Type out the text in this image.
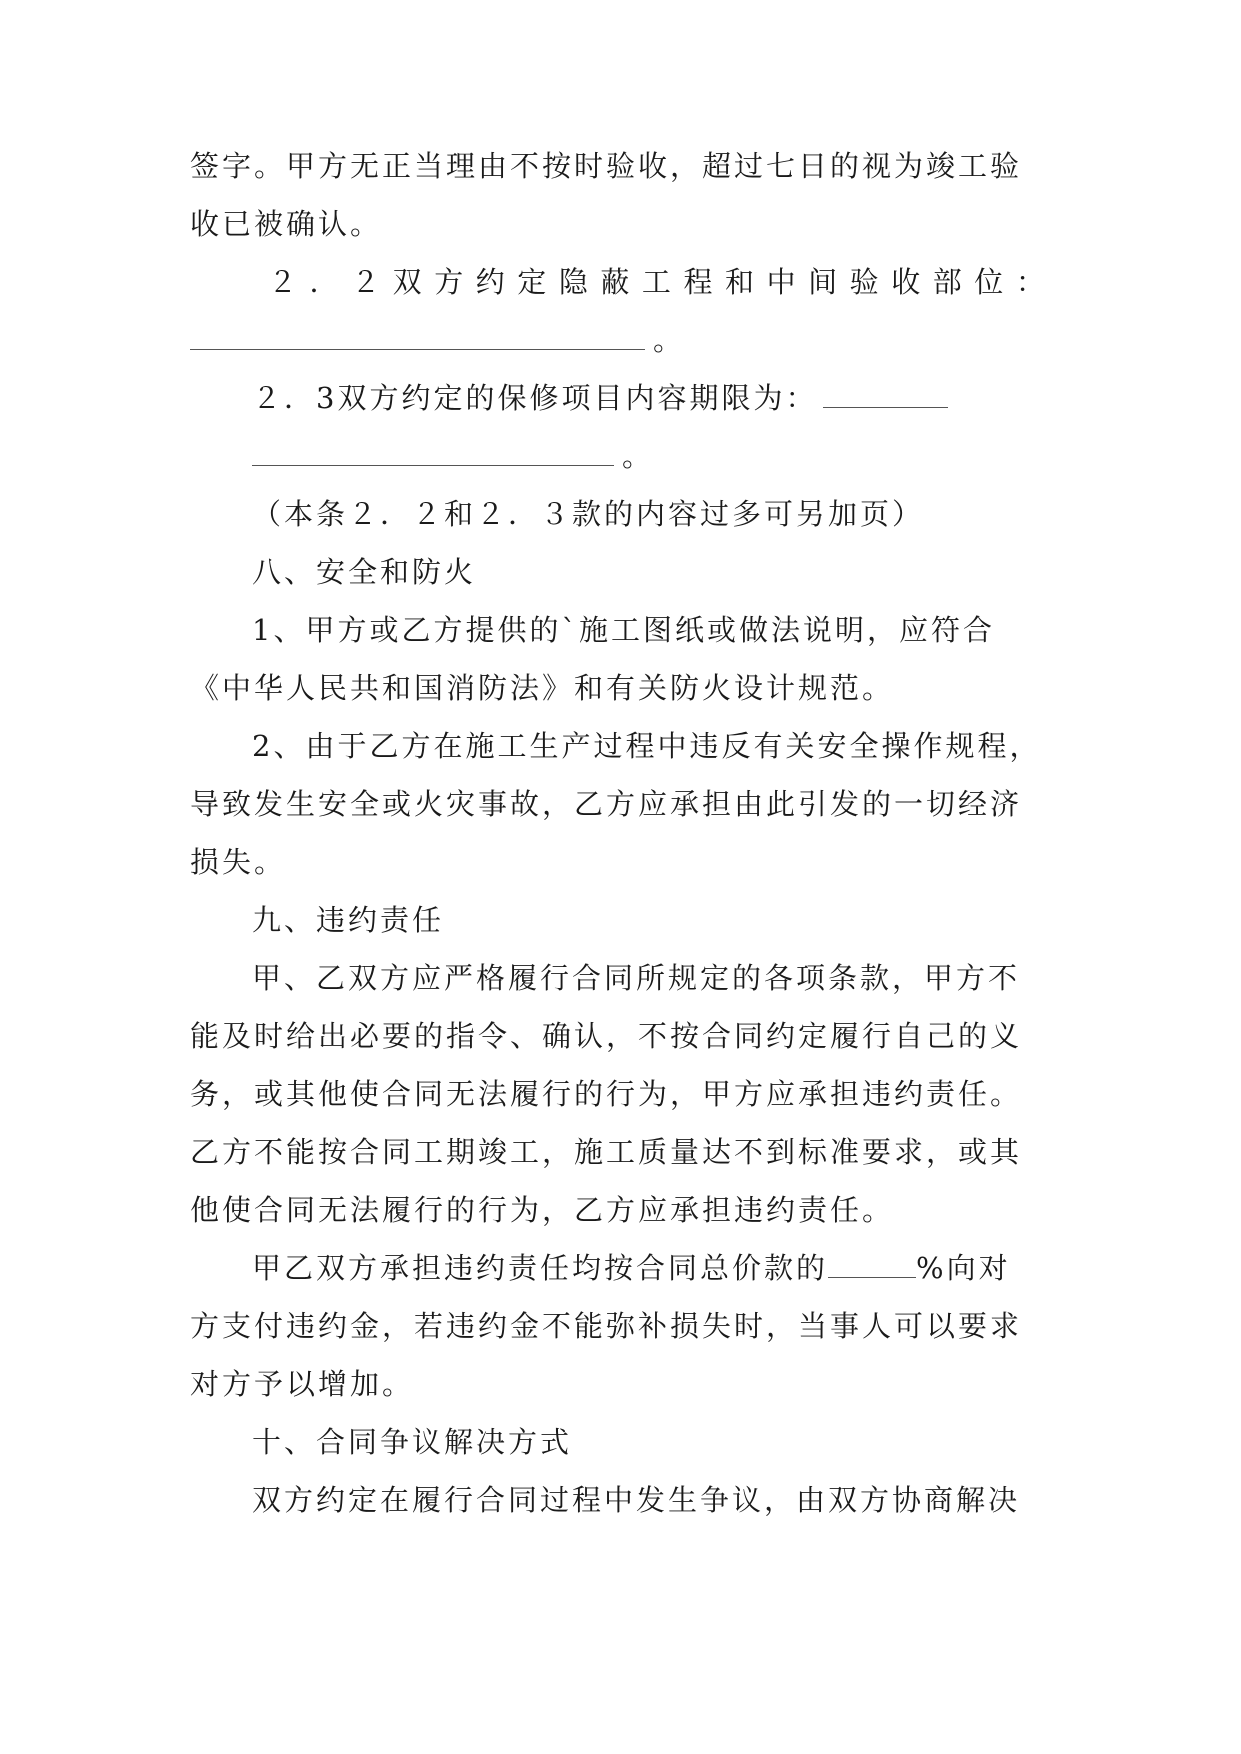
签字。甲方无正当理由不按时验收，超过七日的视为竣工验
收已被确认。
２ ． ２ 双 方 约 定 隐 蔽 工 程 和 中 间 验 收 部 位 ：
。
２．3双方约定的保修项目内容期限为：
。
（本条２．２和２．３款的内容过多可另加页）
八、安全和防火
1、甲方或乙方提供的`施工图纸或做法说明，应符合
《中华人民共和国消防法》和有关防火设计规范。
2、由于乙方在施工生产过程中违反有关安全操作规程，
导致发生安全或火灾事故，乙方应承担由此引发的一切经济
损失。
九、违约责任
甲、乙双方应严格履行合同所规定的各项条款，甲方不
能及时给出必要的指令、确认，不按合同约定履行自己的义
务，或其他使合同无法履行的行为，甲方应承担违约责任。
乙方不能按合同工期竣工，施工质量达不到标准要求，或其
他使合同无法履行的行为，乙方应承担违约责任。
甲乙双方承担违约责任均按合同总价款的	%向对
方支付违约金，若违约金不能弥补损失时，当事人可以要求
对方予以增加。
十、合同争议解决方式
双方约定在履行合同过程中发生争议，由双方协商解决
